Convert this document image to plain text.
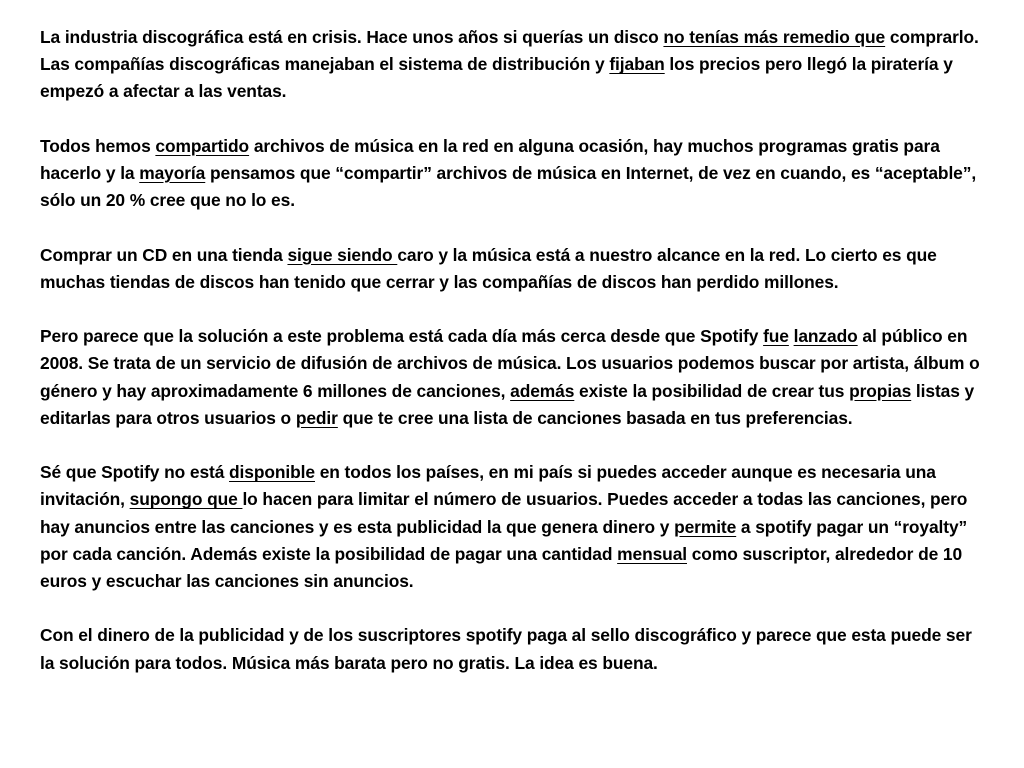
La industria discográfica está en crisis. Hace unos años si querías un disco no tenías más remedio que comprarlo. Las compañías discográficas manejaban el sistema de distribución y fijaban los precios pero llegó la piratería y empezó a afectar a las ventas.

Todos hemos compartido archivos de música en la red en alguna ocasión, hay muchos programas gratis para hacerlo y la mayoría pensamos que “compartir” archivos de música en Internet, de vez en cuando, es “aceptable”, sólo un 20 % cree que no lo es.

Comprar un CD en una tienda sigue siendo caro y la música está a nuestro alcance en la red. Lo cierto es que muchas tiendas de discos han tenido que cerrar y las compañías de discos han perdido millones.

Pero parece que la solución a este problema está cada día más cerca desde que Spotify fue lanzado al público en 2008. Se trata de un servicio de difusión de archivos de música. Los usuarios podemos buscar por artista, álbum o género y hay aproximadamente 6 millones de canciones, además existe la posibilidad de crear tus propias listas y editarlas para otros usuarios o pedir que te cree una lista de canciones basada en tus preferencias.

Sé que Spotify no está disponible en todos los países, en mi país si puedes acceder aunque es necesaria una invitación, supongo que lo hacen para limitar el número de usuarios. Puedes acceder a todas las canciones, pero hay anuncios entre las canciones y es esta publicidad la que genera dinero y permite a spotify pagar un “royalty” por cada canción. Además existe la posibilidad de pagar una cantidad mensual como suscriptor, alrededor de 10 euros y escuchar las canciones sin anuncios.

Con el dinero de la publicidad y de los suscriptores spotify paga al sello discográfico y parece que esta puede ser la solución para todos. Música más barata pero no gratis. La idea es buena.
